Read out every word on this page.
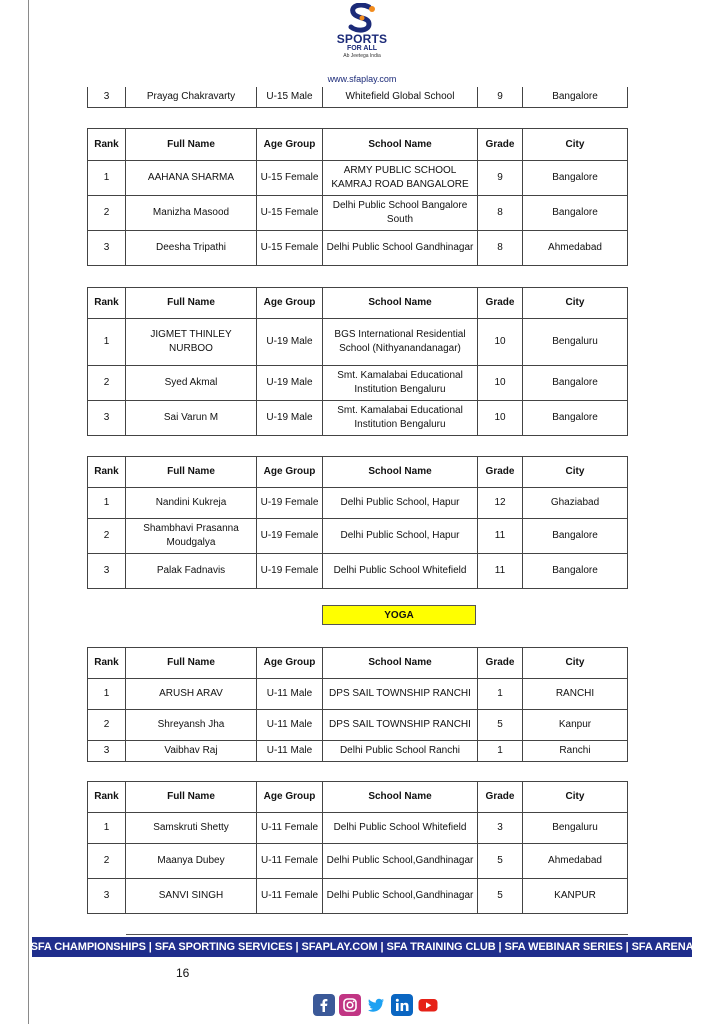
SPORTS
FOR ALL
Ab Jeetega India
www.sfaplay.com
3	Prayag Chakravarty	U-15 Male	Whitefield Global School	9	Bangalore
Rank	Full Name	Age Group	School Name	Grade	City
1	AAHANA SHARMA	U-15 Female	ARMY PUBLIC SCHOOL KAMRAJ ROAD BANGALORE	9	Bangalore
2	Manizha Masood	U-15 Female	Delhi Public School Bangalore South	8	Bangalore
3	Deesha Tripathi	U-15 Female	Delhi Public School Gandhinagar	8	Ahmedabad
Rank	Full Name	Age Group	School Name	Grade	City
1	JIGMET THINLEY NURBOO	U-19 Male	BGS International Residential School (Nithyanandanagar)	10	Bengaluru
2	Syed Akmal	U-19 Male	Smt. Kamalabai Educational Institution Bengaluru	10	Bangalore
3	Sai Varun M	U-19 Male	Smt. Kamalabai Educational Institution Bengaluru	10	Bangalore
Rank	Full Name	Age Group	School Name	Grade	City
1	Nandini Kukreja	U-19 Female	Delhi Public School, Hapur	12	Ghaziabad
2	Shambhavi Prasanna Moudgalya	U-19 Female	Delhi Public School, Hapur	11	Bangalore
3	Palak Fadnavis	U-19 Female	Delhi Public School Whitefield	11	Bangalore
YOGA
Rank	Full Name	Age Group	School Name	Grade	City
1	ARUSH ARAV	U-11 Male	DPS SAIL TOWNSHIP RANCHI	1	RANCHI
2	Shreyansh Jha	U-11 Male	DPS SAIL TOWNSHIP RANCHI	5	Kanpur
3	Vaibhav Raj	U-11 Male	Delhi Public School Ranchi	1	Ranchi
Rank	Full Name	Age Group	School Name	Grade	City
1	Samskruti Shetty	U-11 Female	Delhi Public School Whitefield	3	Bengaluru
2	Maanya Dubey	U-11 Female	Delhi Public School,Gandhinagar	5	Ahmedabad
3	SANVI SINGH	U-11 Female	Delhi Public School,Gandhinagar	5	KANPUR
SFA CHAMPIONSHIPS | SFA SPORTING SERVICES | SFAPLAY.COM | SFA TRAINING CLUB | SFA WEBINAR SERIES | SFA ARENA
16
